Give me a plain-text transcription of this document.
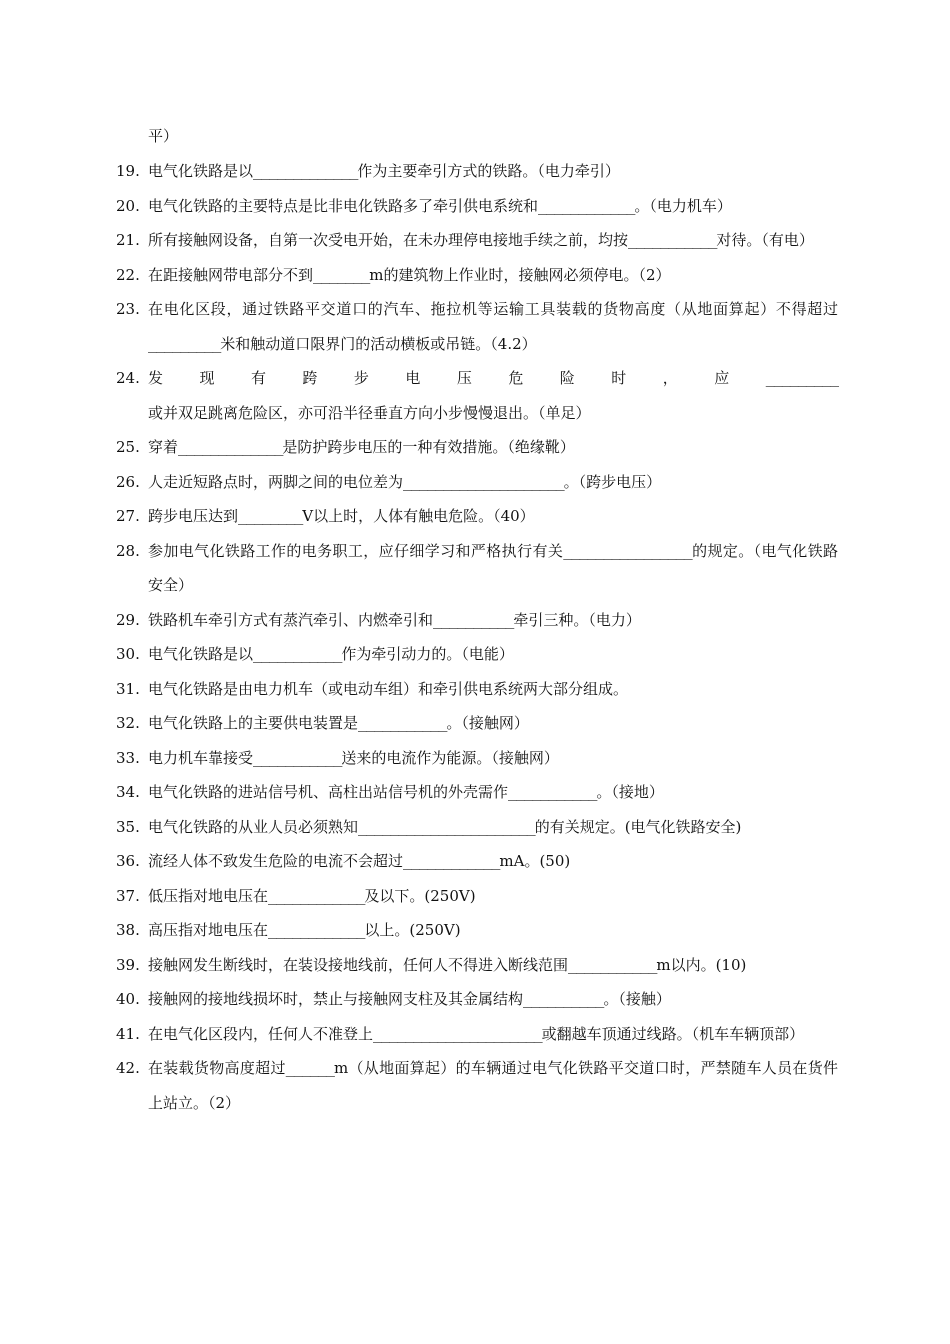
平）
19. 电气化铁路是以_____________作为主要牵引方式的铁路。（电力牵引）
20. 电气化铁路的主要特点是比非电化铁路多了牵引供电系统和____________。（电力机车）
21. 所有接触网设备，自第一次受电开始，在未办理停电接地手续之前，均按___________对待。（有电）
22. 在距接触网带电部分不到_______m的建筑物上作业时，接触网必须停电。（2）
23. 在电化区段，通过铁路平交道口的汽车、拖拉机等运输工具装载的货物高度（从地面算起）不得超过_________米和触动道口限界门的活动横板或吊链。（4.2）
24. 发现有跨步电压危险时，应_________或并双足跳离危险区，亦可沿半径垂直方向小步慢慢退出。（单足）
25. 穿着_____________是防护跨步电压的一种有效措施。（绝缘靴）
26. 人走近短路点时，两脚之间的电位差为____________________。（跨步电压）
27. 跨步电压达到________V以上时，人体有触电危险。（40）
28. 参加电气化铁路工作的电务职工，应仔细学习和严格执行有关________________的规定。（电气化铁路安全）
29. 铁路机车牵引方式有蒸汽牵引、内燃牵引和__________牵引三种。（电力）
30. 电气化铁路是以___________作为牵引动力的。（电能）
31. 电气化铁路是由电力机车（或电动车组）和牵引供电系统两大部分组成。
32. 电气化铁路上的主要供电装置是___________。（接触网）
33. 电力机车靠接受___________送来的电流作为能源。（接触网）
34. 电气化铁路的进站信号机、高柱出站信号机的外壳需作___________。（接地）
35. 电气化铁路的从业人员必须熟知______________________的有关规定。(电气化铁路安全)
36. 流经人体不致发生危险的电流不会超过____________mA。(50)
37. 低压指对地电压在____________及以下。(250V)
38. 高压指对地电压在____________以上。(250V)
39. 接触网发生断线时，在装设接地线前，任何人不得进入断线范围___________m以内。(10)
40. 接触网的接地线损坏时，禁止与接触网支柱及其金属结构__________。（接触）
41. 在电气化区段内，任何人不准登上_____________________或翻越车顶通过线路。（机车车辆顶部）
42. 在装载货物高度超过______m（从地面算起）的车辆通过电气化铁路平交道口时，严禁随车人员在货件上站立。（2）
